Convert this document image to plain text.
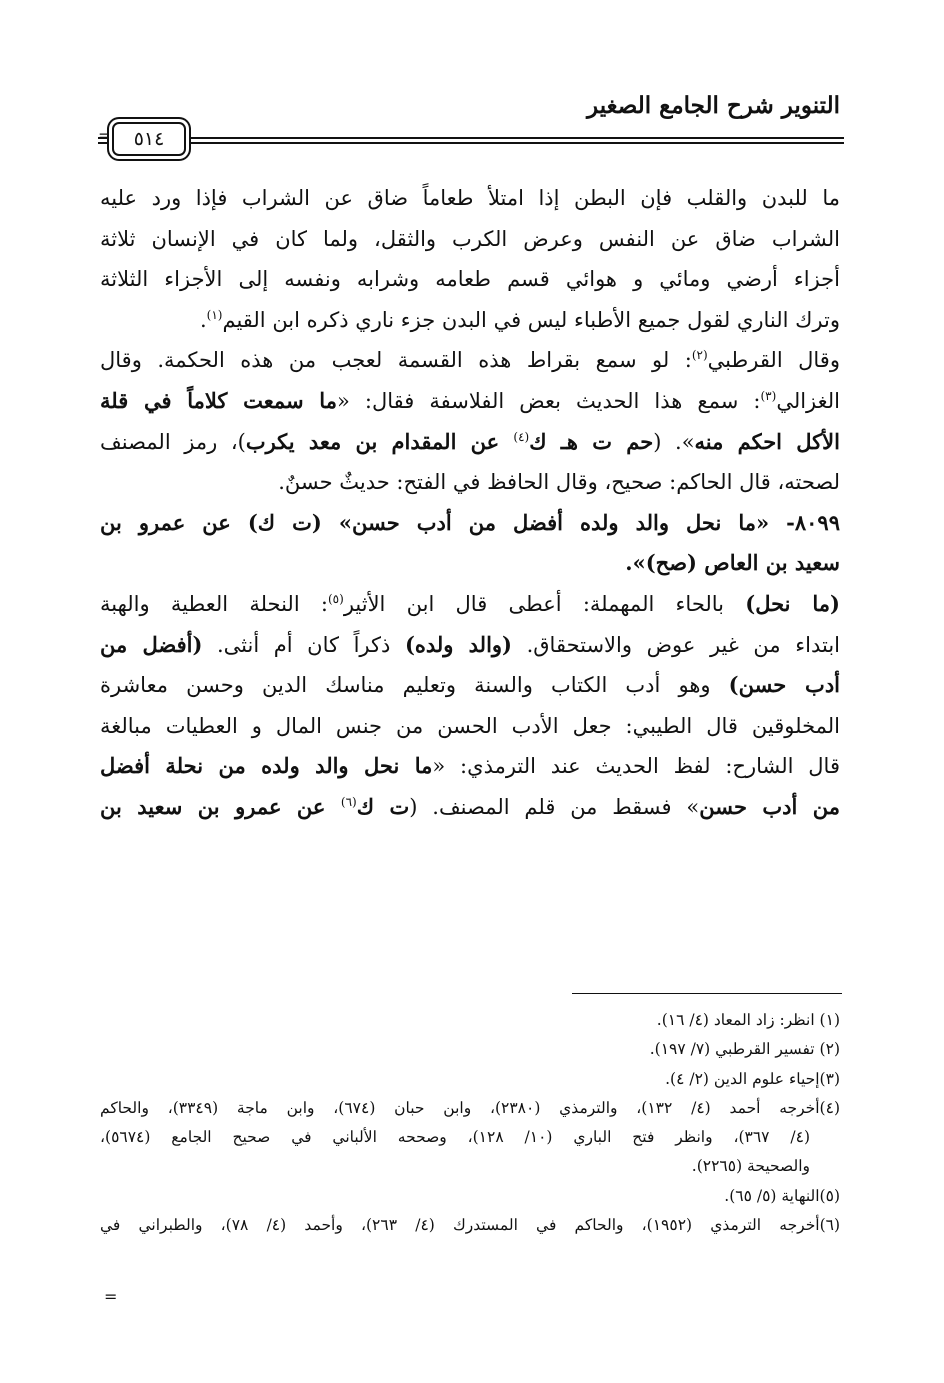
التنوير شرح الجامع الصغير
=	٥١٤
ما للبدن والقلب فإن البطن إذا امتلأ طعاماً ضاق عن الشراب فإذا ورد عليه
الشراب ضاق عن النفس وعرض الكرب والثقل، ولما كان في الإنسان ثلاثة
أجزاء أرضي ومائي و هوائي قسم طعامه وشرابه ونفسه إلى الأجزاء الثلاثة
وترك الناري لقول جميع الأطباء ليس في البدن جزء ناري ذكره ابن القيم$^{(١)}$.
وقال القرطبي$^{(٢)}$: لو سمع بقراط هذه القسمة لعجب من هذه الحكمة. وقال
الغزالي$^{(٣)}$: سمع هذا الحديث بعض الفلاسفة فقال: «ما سمعت كلاماً في قلة
الأكل احكم منه». (حم ت هـ ك$^{(٤)}$ عن المقدام بن معد يكرب)، رمز المصنف
لصحته، قال الحاكم: صحيح، وقال الحافظ في الفتح: حديثٌ حسنٌ.
٨٠٩٩- «ما نحل والد ولده أفضل من أدب حسن» (ت ك) عن عمرو بن
سعيد بن العاص (صح)».
(ما نحل) بالحاء المهملة: أعطى قال ابن الأثير$^{(٥)}$: النحلة العطية والهبة
ابتداء من غير عوض والاستحقاق. (والد ولده) ذكراً كان أم أنثى. (أفضل من
أدب حسن) وهو أدب الكتاب والسنة وتعليم مناسك الدين وحسن معاشرة
المخلوقين قال الطيبي: جعل الأدب الحسن من جنس المال و العطيات مبالغة
قال الشارح: لفظ الحديث عند الترمذي: «ما نحل والد ولده من نحلة أفضل
من أدب حسن» فسقط من قلم المصنف. (ت ك$^{(٦)}$ عن عمرو بن سعيد بن
(١) انظر: زاد المعاد (٤/ ١٦).
(٢) تفسير القرطبي (٧/ ١٩٧).
(٣)إحياء علوم الدين (٢/ ٤).
(٤)أخرجه أحمد (٤/ ١٣٢)، والترمذي (٢٣٨٠)، وابن حبان (٦٧٤)، وابن ماجة (٣٣٤٩)، والحاكم
(٤/ ٣٦٧)، وانظر فتح الباري (١٠/ ١٢٨)، وصححه الألباني في صحيح الجامع (٥٦٧٤)،
والصحيحة (٢٢٦٥).
(٥)النهاية (٥/ ٦٥).
(٦)أخرجه الترمذي (١٩٥٢)، والحاكم في المستدرك (٤/ ٢٦٣)، وأحمد (٤/ ٧٨)، والطبراني في
=
